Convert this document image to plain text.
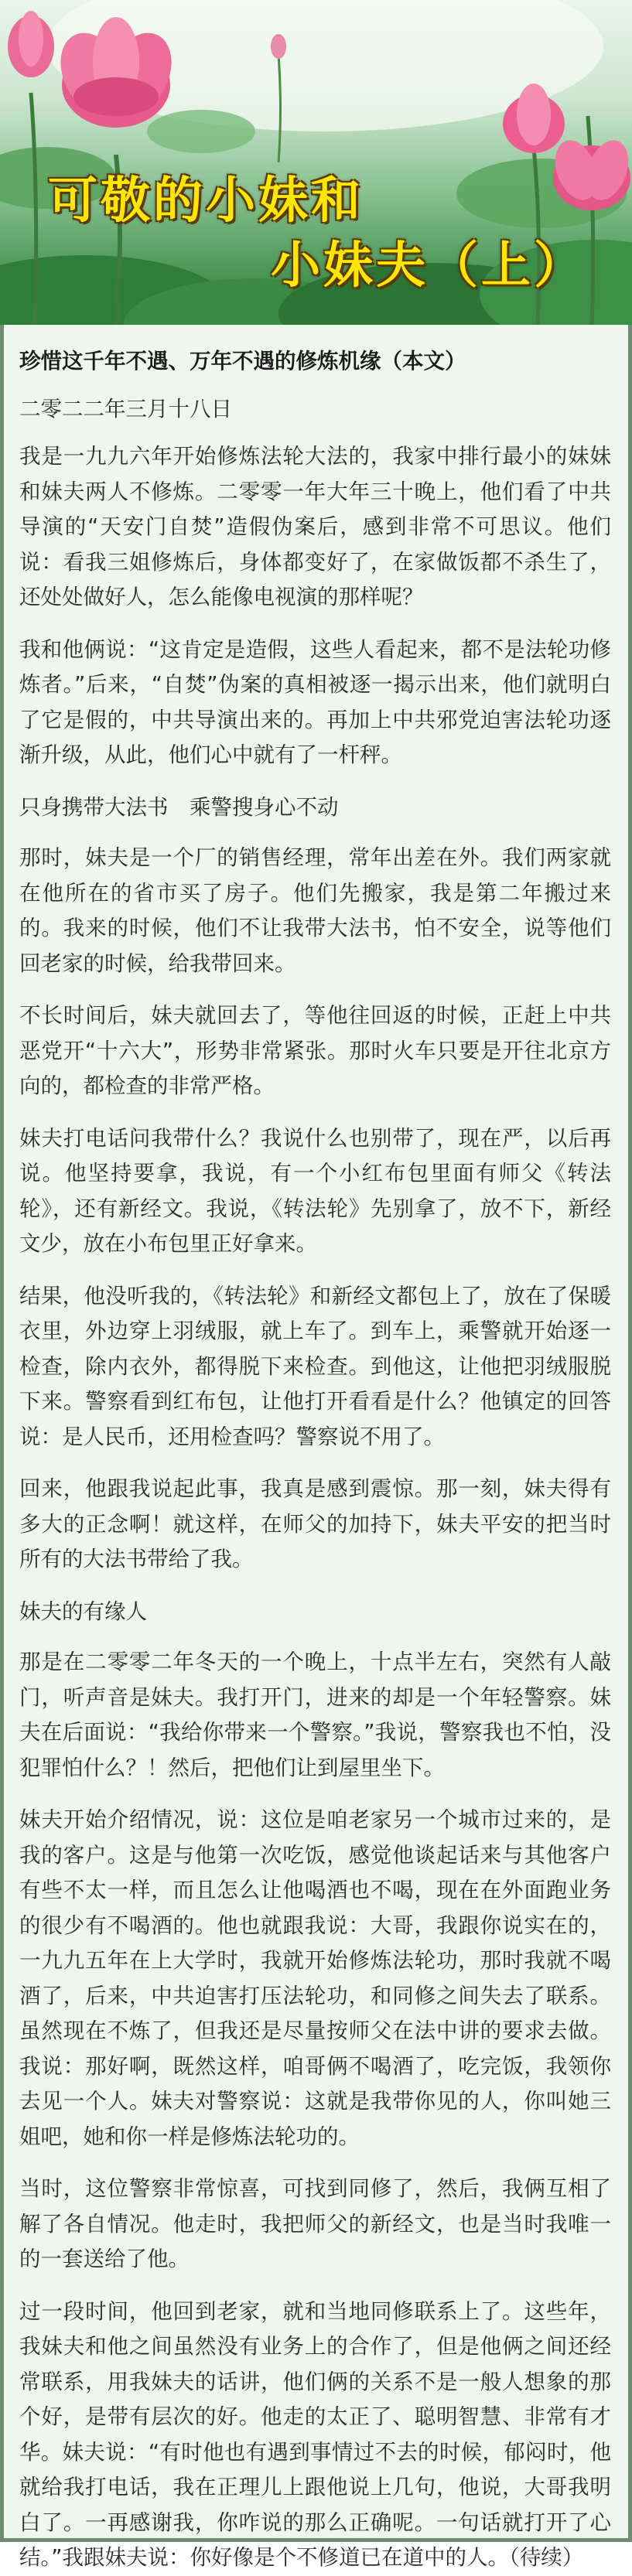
可敬的小妹和
小妹夫（上）

珍惜这千年不遇、万年不遇的修炼机缘（本文）

二零二二年三月十八日

我是一九九六年开始修炼法轮大法的，我家中排行最小的妹妹和妹夫两人不修炼。二零零一年大年三十晚上，他们看了中共导演的“天安门自焚”造假伪案后，感到非常不可思议。他们说：看我三姐修炼后，身体都变好了，在家做饭都不杀生了，还处处做好人，怎么能像电视演的那样呢？

我和他俩说：“这肯定是造假，这些人看起来，都不是法轮功修炼者。”后来，“自焚”伪案的真相被逐一揭示出来，他们就明白了它是假的，中共导演出来的。再加上中共邪党迫害法轮功逐渐升级，从此，他们心中就有了一杆秤。

只身携带大法书　乘警搜身心不动

那时，妹夫是一个厂的销售经理，常年出差在外。我们两家就在他所在的省市买了房子。他们先搬家，我是第二年搬过来的。我来的时候，他们不让我带大法书，怕不安全，说等他们回老家的时候，给我带回来。

不长时间后，妹夫就回去了，等他往回返的时候，正赶上中共恶党开“十六大”，形势非常紧张。那时火车只要是开往北京方向的，都检查的非常严格。

妹夫打电话问我带什么？我说什么也别带了，现在严，以后再说。他坚持要拿，我说，有一个小红布包里面有师父《转法轮》，还有新经文。我说，《转法轮》先别拿了，放不下，新经文少，放在小布包里正好拿来。

结果，他没听我的，《转法轮》和新经文都包上了，放在了保暖衣里，外边穿上羽绒服，就上车了。到车上，乘警就开始逐一检查，除内衣外，都得脱下来检查。到他这，让他把羽绒服脱下来。警察看到红布包，让他打开看看是什么？他镇定的回答说：是人民币，还用检查吗？警察说不用了。

回来，他跟我说起此事，我真是感到震惊。那一刻，妹夫得有多大的正念啊！就这样，在师父的加持下，妹夫平安的把当时所有的大法书带给了我。

妹夫的有缘人

那是在二零零二年冬天的一个晚上，十点半左右，突然有人敲门，听声音是妹夫。我打开门，进来的却是一个年轻警察。妹夫在后面说：“我给你带来一个警察。”我说，警察我也不怕，没犯罪怕什么？！然后，把他们让到屋里坐下。

妹夫开始介绍情况，说：这位是咱老家另一个城市过来的，是我的客户。这是与他第一次吃饭，感觉他谈起话来与其他客户有些不太一样，而且怎么让他喝酒也不喝，现在在外面跑业务的很少有不喝酒的。他也就跟我说：大哥，我跟你说实在的，一九九五年在上大学时，我就开始修炼法轮功，那时我就不喝酒了，后来，中共迫害打压法轮功，和同修之间失去了联系。虽然现在不炼了，但我还是尽量按师父在法中讲的要求去做。我说：那好啊，既然这样，咱哥俩不喝酒了，吃完饭，我领你去见一个人。妹夫对警察说：这就是我带你见的人，你叫她三姐吧，她和你一样是修炼法轮功的。

当时，这位警察非常惊喜，可找到同修了，然后，我俩互相了解了各自情况。他走时，我把师父的新经文，也是当时我唯一的一套送给了他。

过一段时间，他回到老家，就和当地同修联系上了。这些年，我妹夫和他之间虽然没有业务上的合作了，但是他俩之间还经常联系，用我妹夫的话讲，他们俩的关系不是一般人想象的那个好，是带有层次的好。他走的太正了、聪明智慧、非常有才华。妹夫说：“有时他也有遇到事情过不去的时候，郁闷时，他就给我打电话，我在正理儿上跟他说上几句，他说，大哥我明白了。一再感谢我，你咋说的那么正确呢。一句话就打开了心结。”我跟妹夫说：你好像是个不修道已在道中的人。（待续）
